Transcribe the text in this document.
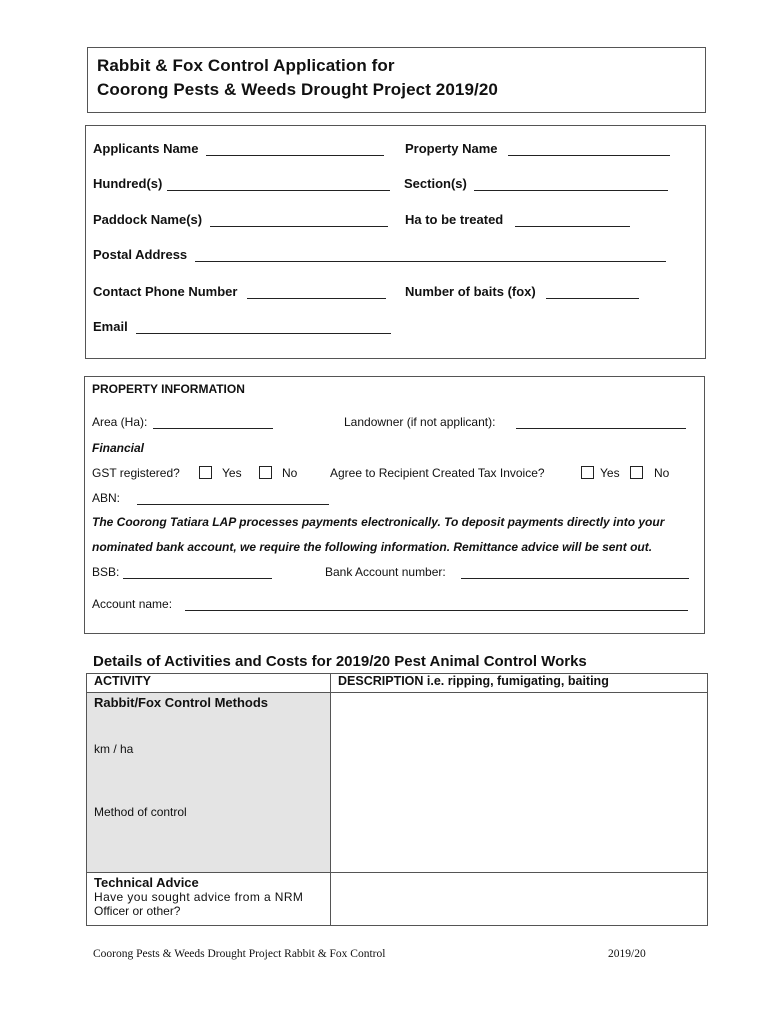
Rabbit & Fox Control Application for
Coorong Pests & Weeds Drought Project 2019/20
Applicants Name	Property Name
Hundred(s)	Section(s)
Paddock Name(s)	Ha to be treated
Postal Address
Contact Phone Number	Number of baits (fox)
Email
PROPERTY INFORMATION
Area (Ha):	Landowner (if not applicant):
Financial
GST registered?	Yes	No	Agree to Recipient Created Tax Invoice?	Yes	No
ABN:
The Coorong Tatiara LAP processes payments electronically. To deposit payments directly into your
nominated bank account, we require the following information. Remittance advice will be sent out.
BSB:	Bank Account number:
Account name:
Details of Activities and Costs for 2019/20 Pest Animal Control Works
ACTIVITY	DESCRIPTION i.e. ripping, fumigating, baiting

Rabbit/Fox Control Methods
km / ha
Method of control	

Technical Advice
Have you sought advice from a NRM
Officer or other?	

Coorong Pests & Weeds Drought Project Rabbit & Fox Control	2019/20
